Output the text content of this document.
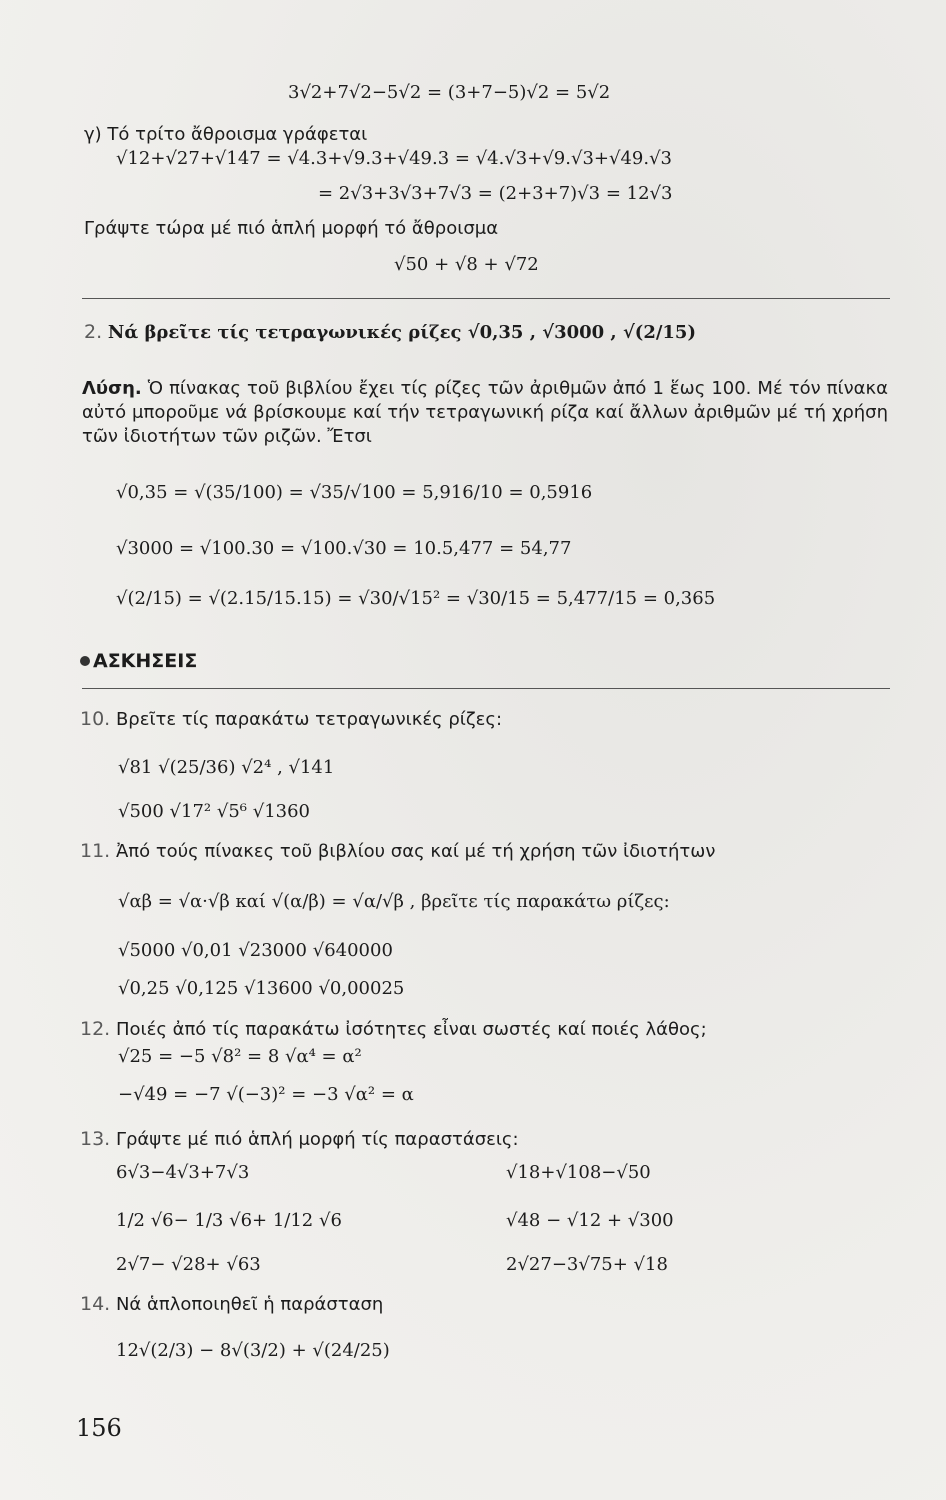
3√2+7√2−5√2 = (3+7−5)√2 = 5√2
γ) Τό τρίτο ἄθροισμα γράφεται
√12+√27+√147 = √4.3+√9.3+√49.3 = √4.√3+√9.√3+√49.√3
= 2√3+3√3+7√3 = (2+3+7)√3 = 12√3
Γράψτε τώρα μέ πιό ἁπλή μορφή τό ἄθροισμα
√50 + √8 + √72
2. Νά βρεῖτε τίς τετραγωνικές ρίζες √0,35 , √3000 , √(2/15)
Λύση. Ὁ πίνακας τοῦ βιβλίου ἔχει τίς ρίζες τῶν ἀριθμῶν ἀπό 1 ἕως 100. Μέ τόν πίνακα αὐτό μποροῦμε νά βρίσκουμε καί τήν τετραγωνική ρίζα καί ἄλλων ἀριθμῶν μέ τή χρήση τῶν ἰδιοτήτων τῶν ριζῶν. Ἔτσι
√0,35 = √(35/100) = √35/√100 = 5,916/10 = 0,5916
√3000 = √100.30 = √100.√30 = 10.5,477 = 54,77
√(2/15) = √(2.15/15.15) = √30/√15² = √30/15 = 5,477/15 = 0,365
ΑΣΚΗΣΕΙΣ
10. Βρεῖτε τίς παρακάτω τετραγωνικές ρίζες:
√81 √(25/36) √2⁴ , √141
√500 √17² √5⁶ √1360
11. Ἀπό τούς πίνακες τοῦ βιβλίου σας καί μέ τή χρήση τῶν ἰδιοτήτων
√αβ = √α·√β καί √(α/β) = √α/√β , βρεῖτε τίς παρακάτω ρίζες:
√5000 √0,01 √23000 √640000
√0,25 √0,125 √13600 √0,00025
12. Ποιές ἀπό τίς παρακάτω ἰσότητες εἶναι σωστές καί ποιές λάθος;
√25 = −5 √8² = 8 √α⁴ = α²
−√49 = −7 √(−3)² = −3 √α² = α
13. Γράψτε μέ πιό ἁπλή μορφή τίς παραστάσεις:
6√3−4√3+7√3	√18+√108−√50
1/2 √6− 1/3 √6+ 1/12 √6	√48 − √12 + √300
2√7− √28+ √63	2√27−3√75+ √18
14. Νά ἁπλοποιηθεῖ ἡ παράσταση
12√(2/3) − 8√(3/2) + √(24/25)
156
